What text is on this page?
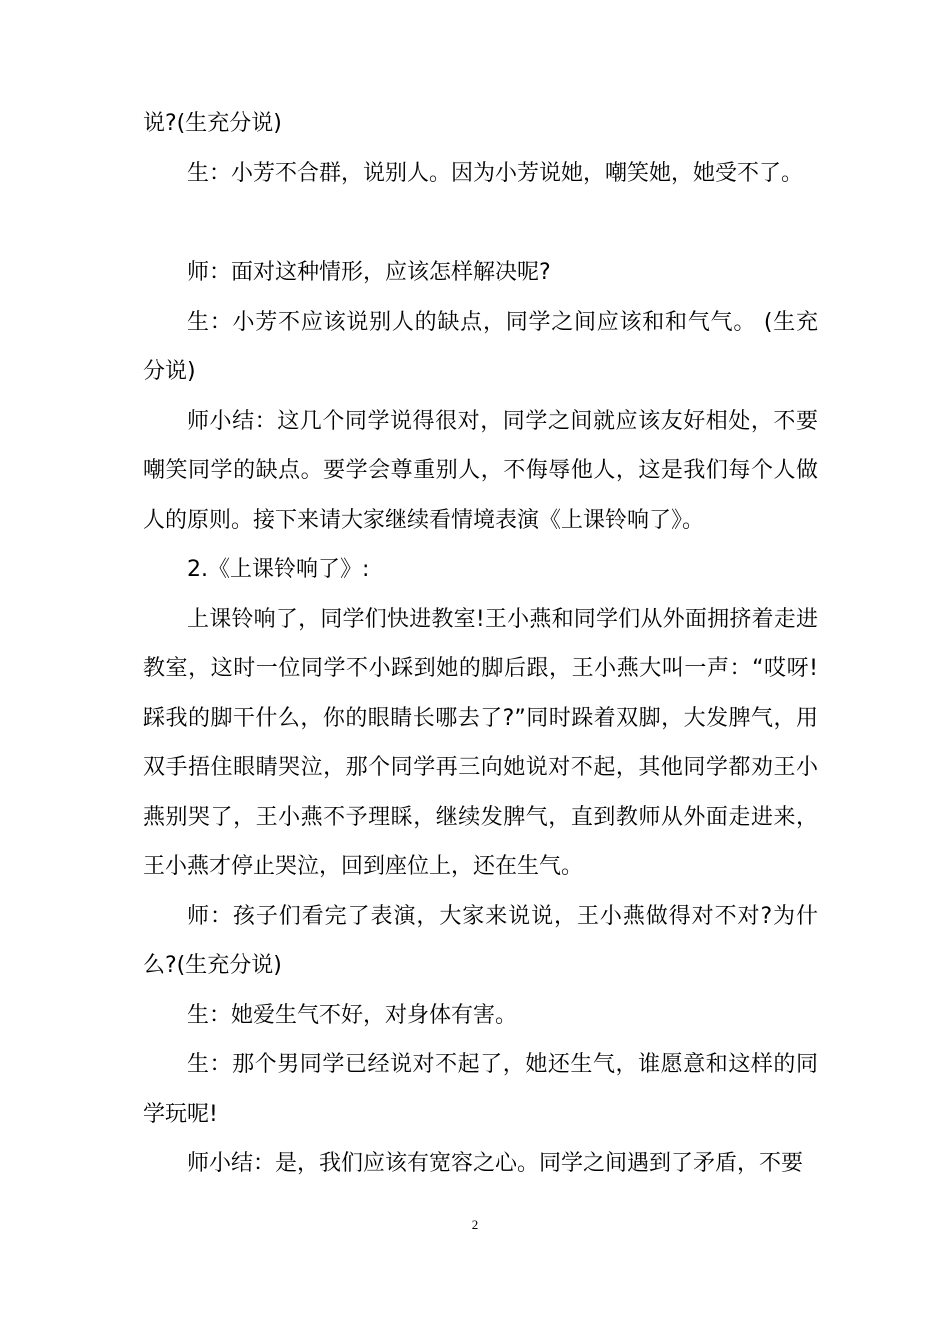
说?(生充分说)

生：小芳不合群，说别人。因为小芳说她，嘲笑她，她受不了。

师：面对这种情形，应该怎样解决呢?

生：小芳不应该说别人的缺点，同学之间应该和和气气。 (生充分说)

师小结：这几个同学说得很对，同学之间就应该友好相处，不要嘲笑同学的缺点。要学会尊重别人，不侮辱他人，这是我们每个人做人的原则。接下来请大家继续看情境表演《上课铃响了》。

2.《上课铃响了》:

上课铃响了，同学们快进教室!王小燕和同学们从外面拥挤着走进教室，这时一位同学不小踩到她的脚后跟，王小燕大叫一声：“哎呀!踩我的脚干什么，你的眼睛长哪去了?”同时跺着双脚，大发脾气，用双手捂住眼睛哭泣，那个同学再三向她说对不起，其他同学都劝王小燕别哭了，王小燕不予理睬，继续发脾气，直到教师从外面走进来，王小燕才停止哭泣，回到座位上，还在生气。

师：孩子们看完了表演，大家来说说，王小燕做得对不对?为什么?(生充分说)

生：她爱生气不好，对身体有害。

生：那个男同学已经说对不起了，她还生气，谁愿意和这样的同学玩呢!

师小结：是，我们应该有宽容之心。同学之间遇到了矛盾，不要

2
